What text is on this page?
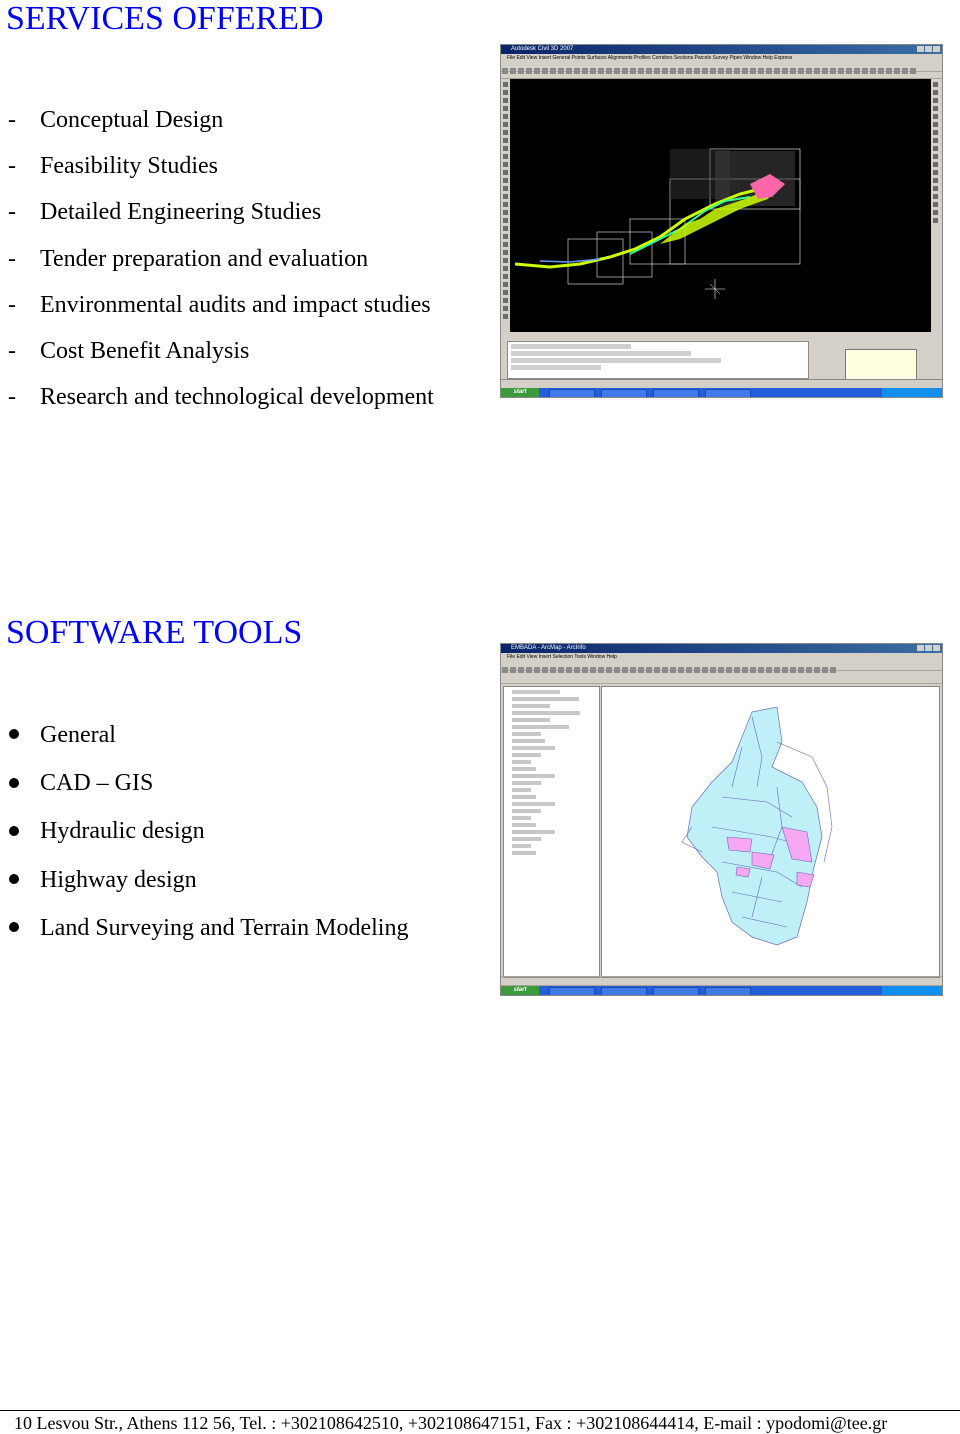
SERVICES OFFERED
- Conceptual Design
- Feasibility Studies
- Detailed Engineering Studies
- Tender preparation and evaluation
- Environmental audits and impact studies
- Cost Benefit Analysis
- Research and technological development
Autodesk Civil 3D 2007
File Edit View Insert General Points Surfaces Alignments Profiles Corridors Sections Parcels Survey Pipes Window Help Express
start
SOFTWARE TOOLS
General
CAD – GIS
Hydraulic design
Highway design
Land Surveying and Terrain Modeling
EMBADA - ArcMap - ArcInfo
File Edit View Insert Selection Tools Window Help
start
10 Lesvou Str., Athens 112 56, Tel. : +302108642510, +302108647151, Fax : +302108644414, E-mail : ypodomi@tee.gr
